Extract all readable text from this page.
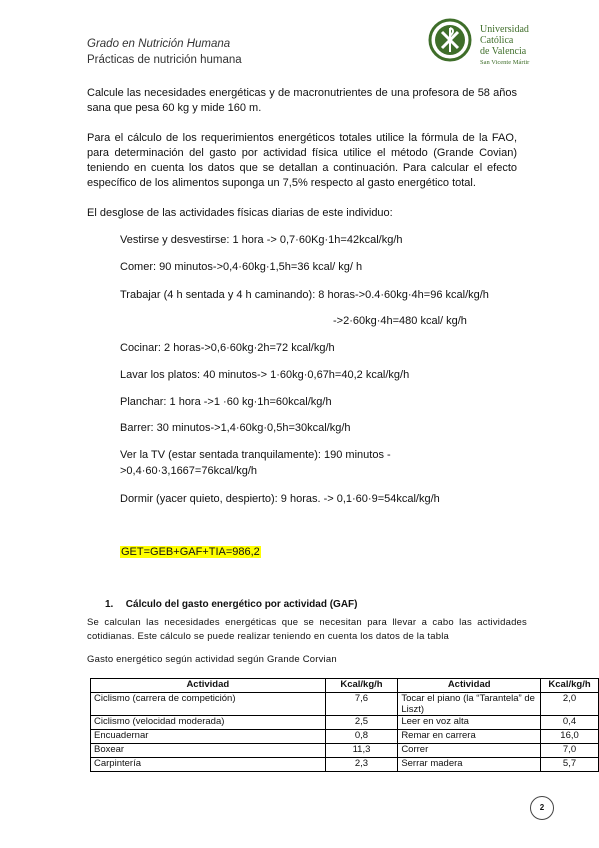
Grado en Nutrición Humana
Prácticas de nutrición humana
Universidad
Católica
de Valencia
San Vicente Mártir
Calcule las necesidades energéticas y de macronutrientes de una profesora de 58 años sana que pesa 60 kg y mide 160 m.
Para el cálculo de los requerimientos energéticos totales utilice la fórmula de la FAO, para determinación del gasto por actividad física utilice el método (Grande Covian) teniendo en cuenta los datos que se detallan a continuación. Para calcular el efecto específico de los alimentos suponga un 7,5% respecto al gasto energético total.
El desglose de las actividades físicas diarias de este individuo:
Vestirse y desvestirse: 1 hora -> 0,7·60Kg·1h=42kcal/kg/h
Comer: 90 minutos->0,4·60kg·1,5h=36 kcal/ kg/ h
Trabajar (4 h sentada y 4 h caminando): 8 horas->0.4·60kg·4h=96 kcal/kg/h
->2·60kg·4h=480 kcal/ kg/h
Cocinar: 2 horas->0,6·60kg·2h=72 kcal/kg/h
Lavar los platos: 40 minutos-> 1·60kg·0,67h=40,2 kcal/kg/h
Planchar: 1 hora ->1 ·60 kg·1h=60kcal/kg/h
Barrer: 30 minutos->1,4·60kg·0,5h=30kcal/kg/h
Ver la TV (estar sentada tranquilamente): 190 minutos -
>0,4·60·3,1667=76kcal/kg/h
Dormir (yacer quieto, despierto): 9 horas. -> 0,1·60·9=54kcal/kg/h
GET=GEB+GAF+TIA=986,2
1. Cálculo del gasto energético por actividad (GAF)
Se calculan las necesidades energéticas que se necesitan para llevar a cabo las actividades cotidianas. Este cálculo se puede realizar teniendo en cuenta los datos de la tabla
Gasto energético según actividad según Grande Corvian
Actividad	Kcal/kg/h	Actividad	Kcal/kg/h
Ciclismo (carrera de competición)	7,6	Tocar el piano (la “Tarantela” de Liszt)	2,0
Ciclismo (velocidad moderada)	2,5	Leer en voz alta	0,4
Encuadernar	0,8	Remar en carrera	16,0
Boxear	11,3	Correr	7,0
Carpintería	2,3	Serrar madera	5,7
2
